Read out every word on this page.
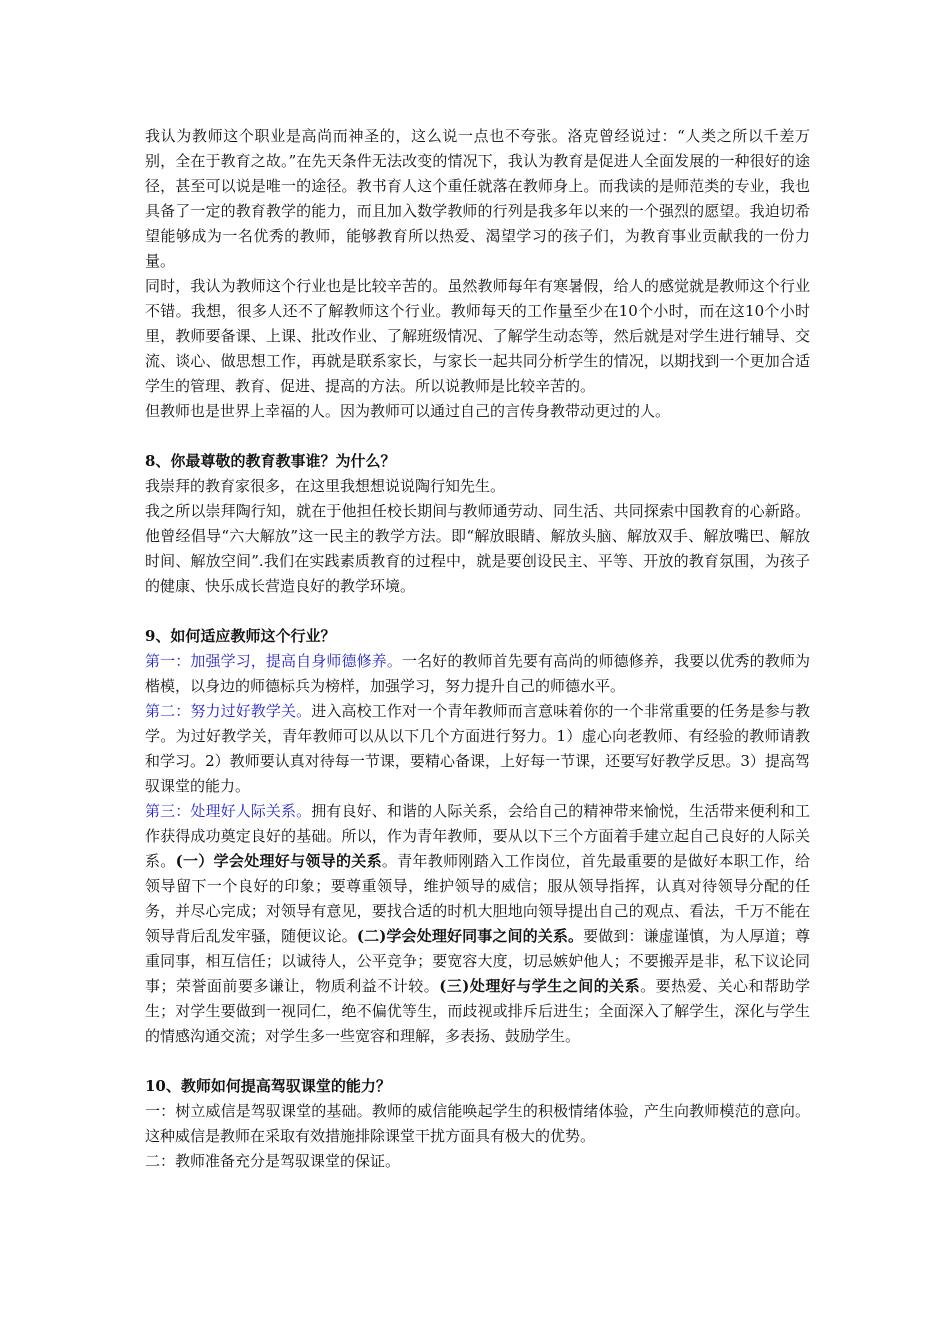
我认为教师这个职业是高尚而神圣的，这么说一点也不夸张。洛克曾经说过：“人类之所以千差万别，全在于教育之故。”在先天条件无法改变的情况下，我认为教育是促进人全面发展的一种很好的途径，甚至可以说是唯一的途径。教书育人这个重任就落在教师身上。而我读的是师范类的专业，我也具备了一定的教育教学的能力，而且加入数学教师的行列是我多年以来的一个强烈的愿望。我迫切希望能够成为一名优秀的教师，能够教育所以热爱、渴望学习的孩子们，为教育事业贡献我的一份力量。

同时，我认为教师这个行业也是比较辛苦的。虽然教师每年有寒暑假，给人的感觉就是教师这个行业不错。我想，很多人还不了解教师这个行业。教师每天的工作量至少在10个小时，而在这10个小时里，教师要备课、上课、批改作业、了解班级情况、了解学生动态等，然后就是对学生进行辅导、交流、谈心、做思想工作，再就是联系家长，与家长一起共同分析学生的情况，以期找到一个更加合适学生的管理、教育、促进、提高的方法。所以说教师是比较辛苦的。

但教师也是世界上幸福的人。因为教师可以通过自己的言传身教带动更过的人。

8、你最尊敬的教育教事谁？为什么？

我崇拜的教育家很多，在这里我想想说说陶行知先生。

我之所以崇拜陶行知，就在于他担任校长期间与教师通劳动、同生活、共同探索中国教育的心新路。他曾经倡导“六大解放”这一民主的教学方法。即“解放眼睛、解放头脑、解放双手、解放嘴巴、解放时间、解放空间”.我们在实践素质教育的过程中，就是要创设民主、平等、开放的教育氛围，为孩子的健康、快乐成长营造良好的教学环境。

9、如何适应教师这个行业？

第一：加强学习，提高自身师德修养。一名好的教师首先要有高尚的师德修养，我要以优秀的教师为楷模，以身边的师德标兵为榜样，加强学习，努力提升自己的师德水平。

第二：努力过好教学关。进入高校工作对一个青年教师而言意味着你的一个非常重要的任务是参与教学。为过好教学关，青年教师可以从以下几个方面进行努力。1）虚心向老教师、有经验的教师请教和学习。2）教师要认真对待每一节课，要精心备课，上好每一节课，还要写好教学反思。3）提高驾驭课堂的能力。

第三：处理好人际关系。拥有良好、和谐的人际关系，会给自己的精神带来愉悦，生活带来便利和工作获得成功奠定良好的基础。所以，作为青年教师，要从以下三个方面着手建立起自己良好的人际关系。(一）学会处理好与领导的关系。青年教师刚踏入工作岗位，首先最重要的是做好本职工作，给领导留下一个良好的印象；要尊重领导，维护领导的威信；服从领导指挥，认真对待领导分配的任务，并尽心完成；对领导有意见，要找合适的时机大胆地向领导提出自己的观点、看法，千万不能在领导背后乱发牢骚，随便议论。(二)学会处理好同事之间的关系。要做到：谦虚谨慎，为人厚道；尊重同事，相互信任；以诚待人，公平竞争；要宽容大度，切忌嫉妒他人；不要搬弄是非，私下议论同事；荣誉面前要多谦让，物质利益不计较。(三)处理好与学生之间的关系。要热爱、关心和帮助学生；对学生要做到一视同仁，绝不偏优等生，而歧视或排斥后进生；全面深入了解学生，深化与学生的情感沟通交流；对学生多一些宽容和理解，多表扬、鼓励学生。

10、教师如何提高驾驭课堂的能力？

一：树立威信是驾驭课堂的基础。教师的威信能唤起学生的积极情绪体验，产生向教师模范的意向。这种威信是教师在采取有效措施排除课堂干扰方面具有极大的优势。

二：教师准备充分是驾驭课堂的保证。
